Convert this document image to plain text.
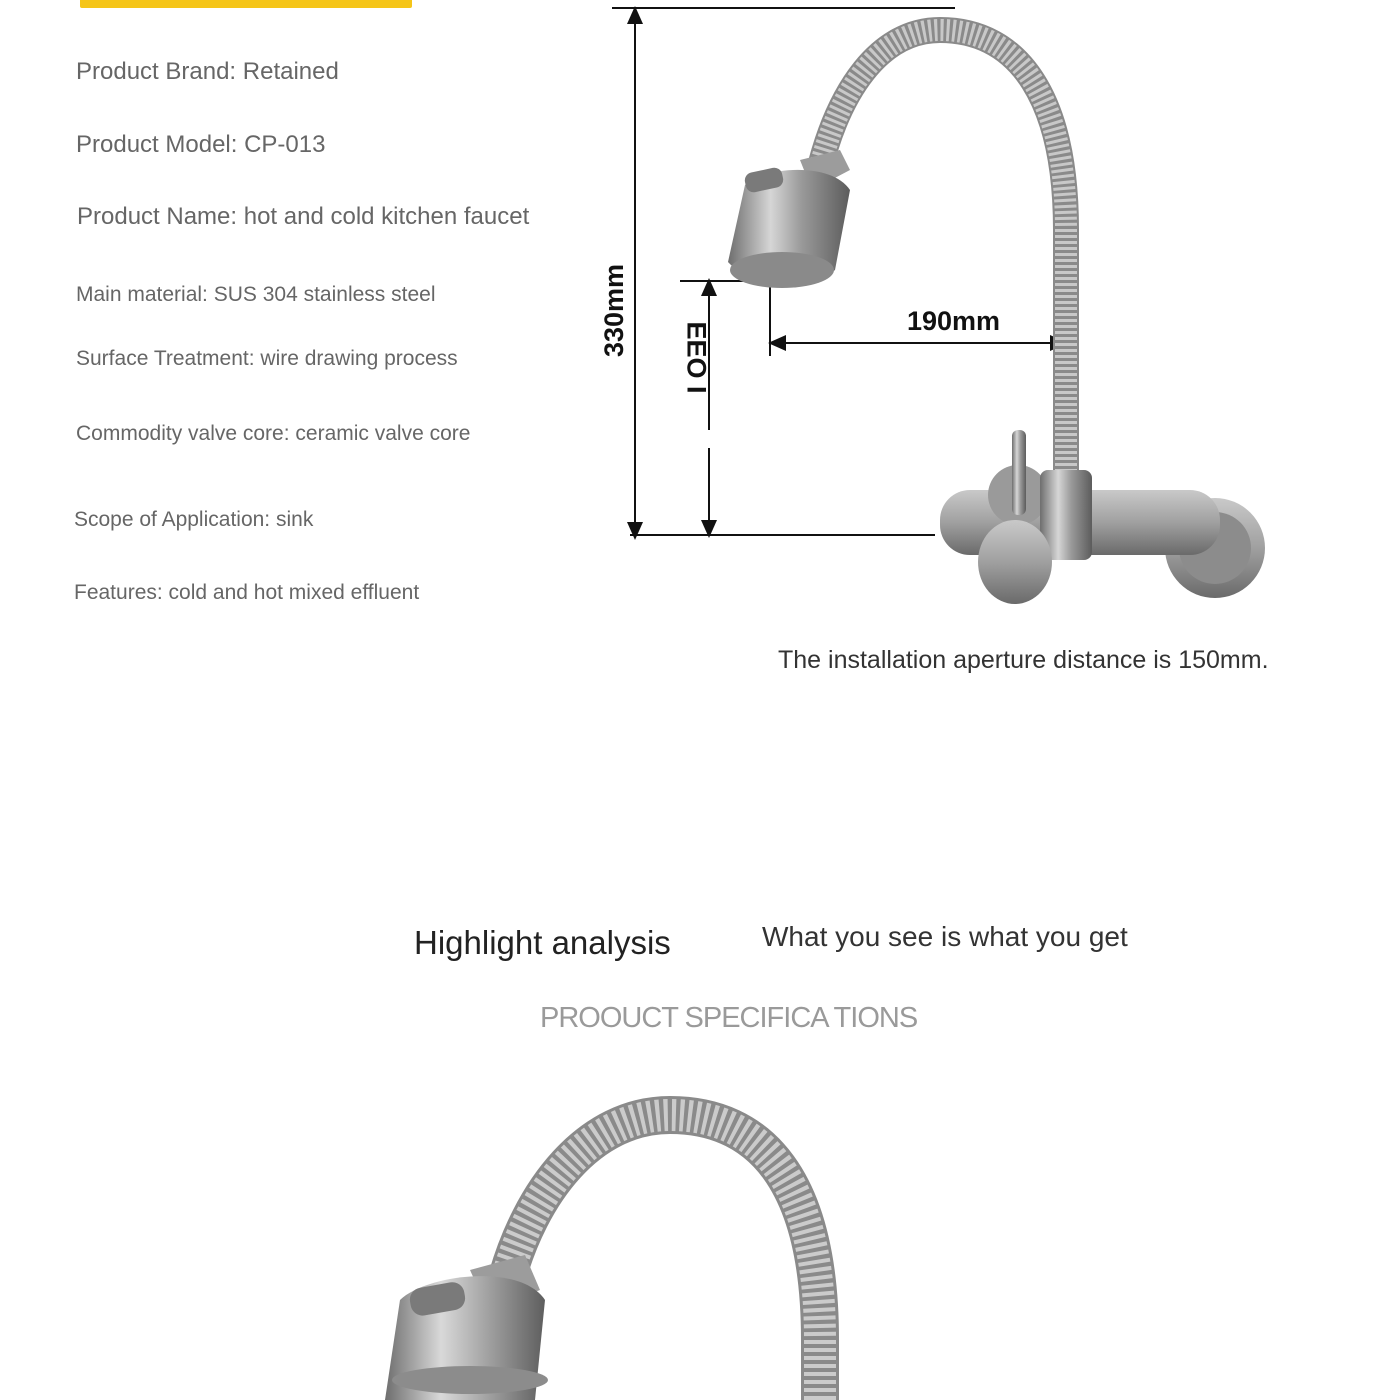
Product Brand: Retained
Product Model: CP-013
Product Name: hot and cold kitchen faucet
Main material: SUS 304 stainless steel
Surface Treatment: wire drawing process
Commodity valve core: ceramic valve core
Scope of Application: sink
Features: cold and hot mixed effluent
330mm
EEO I
190mm
The installation aperture distance is 150mm.
Highlight analysis	What you see is what you get
PROOUCT SPECIFICA TIONS
